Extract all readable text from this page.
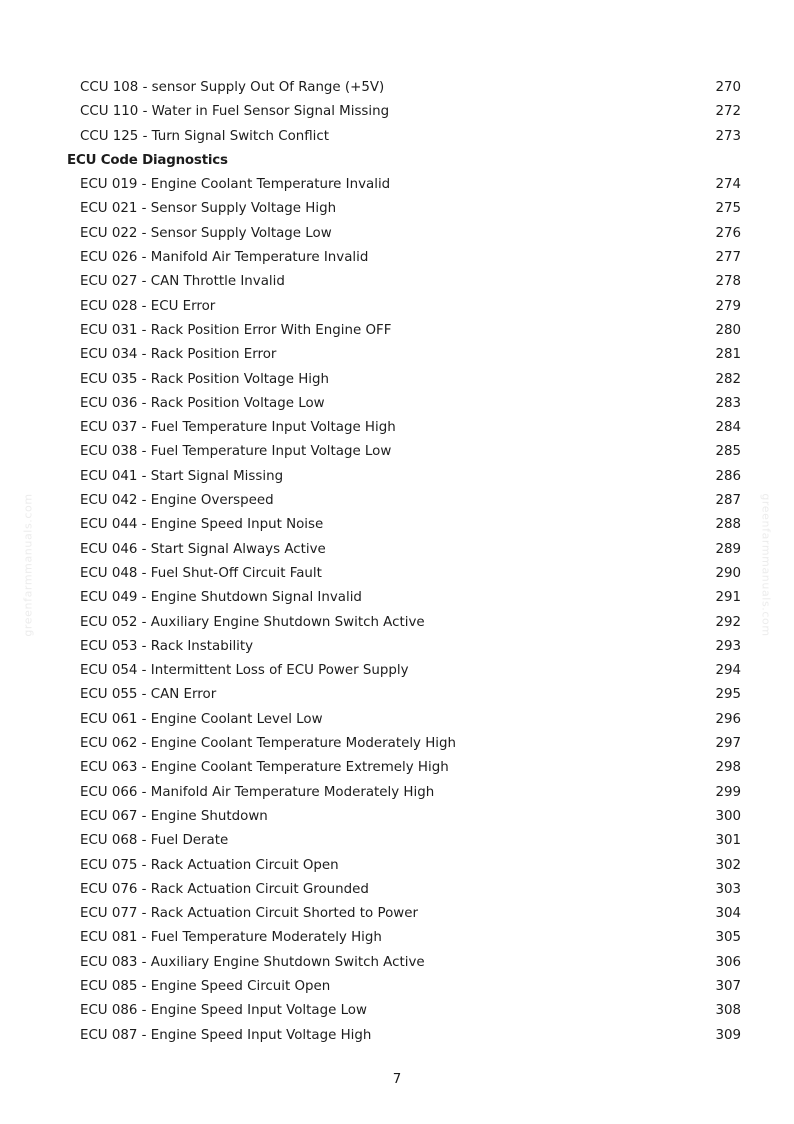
greenfarmmanuals.com	greenfarmmanuals.com
CCU 108 - sensor Supply Out Of Range (+5V)	270
CCU 110 - Water in Fuel Sensor Signal Missing	272
CCU 125 - Turn Signal Switch Conflict	273
ECU Code Diagnostics
ECU 019 - Engine Coolant Temperature Invalid	274
ECU 021 - Sensor Supply Voltage High	275
ECU 022 - Sensor Supply Voltage Low	276
ECU 026 - Manifold Air Temperature Invalid	277
ECU 027 - CAN Throttle Invalid	278
ECU 028 - ECU Error	279
ECU 031 - Rack Position Error With Engine OFF	280
ECU 034 - Rack Position Error	281
ECU 035 - Rack Position Voltage High	282
ECU 036 - Rack Position Voltage Low	283
ECU 037 - Fuel Temperature Input Voltage High	284
ECU 038 - Fuel Temperature Input Voltage Low	285
ECU 041 - Start Signal Missing	286
ECU 042 - Engine Overspeed	287
ECU 044 - Engine Speed Input Noise	288
ECU 046 - Start Signal Always Active	289
ECU 048 - Fuel Shut-Off Circuit Fault	290
ECU 049 - Engine Shutdown Signal Invalid	291
ECU 052 - Auxiliary Engine Shutdown Switch Active	292
ECU 053 - Rack Instability	293
ECU 054 - Intermittent Loss of ECU Power Supply	294
ECU 055 - CAN Error	295
ECU 061 - Engine Coolant Level Low	296
ECU 062 - Engine Coolant Temperature Moderately High	297
ECU 063 - Engine Coolant Temperature Extremely High	298
ECU 066 - Manifold Air Temperature Moderately High	299
ECU 067 - Engine Shutdown	300
ECU 068 - Fuel Derate	301
ECU 075 - Rack Actuation Circuit Open	302
ECU 076 - Rack Actuation Circuit Grounded	303
ECU 077 - Rack Actuation Circuit Shorted to Power	304
ECU 081 - Fuel Temperature Moderately High	305
ECU 083 - Auxiliary Engine Shutdown Switch Active	306
ECU 085 - Engine Speed Circuit Open	307
ECU 086 - Engine Speed Input Voltage Low	308
ECU 087 - Engine Speed Input Voltage High	309
7
